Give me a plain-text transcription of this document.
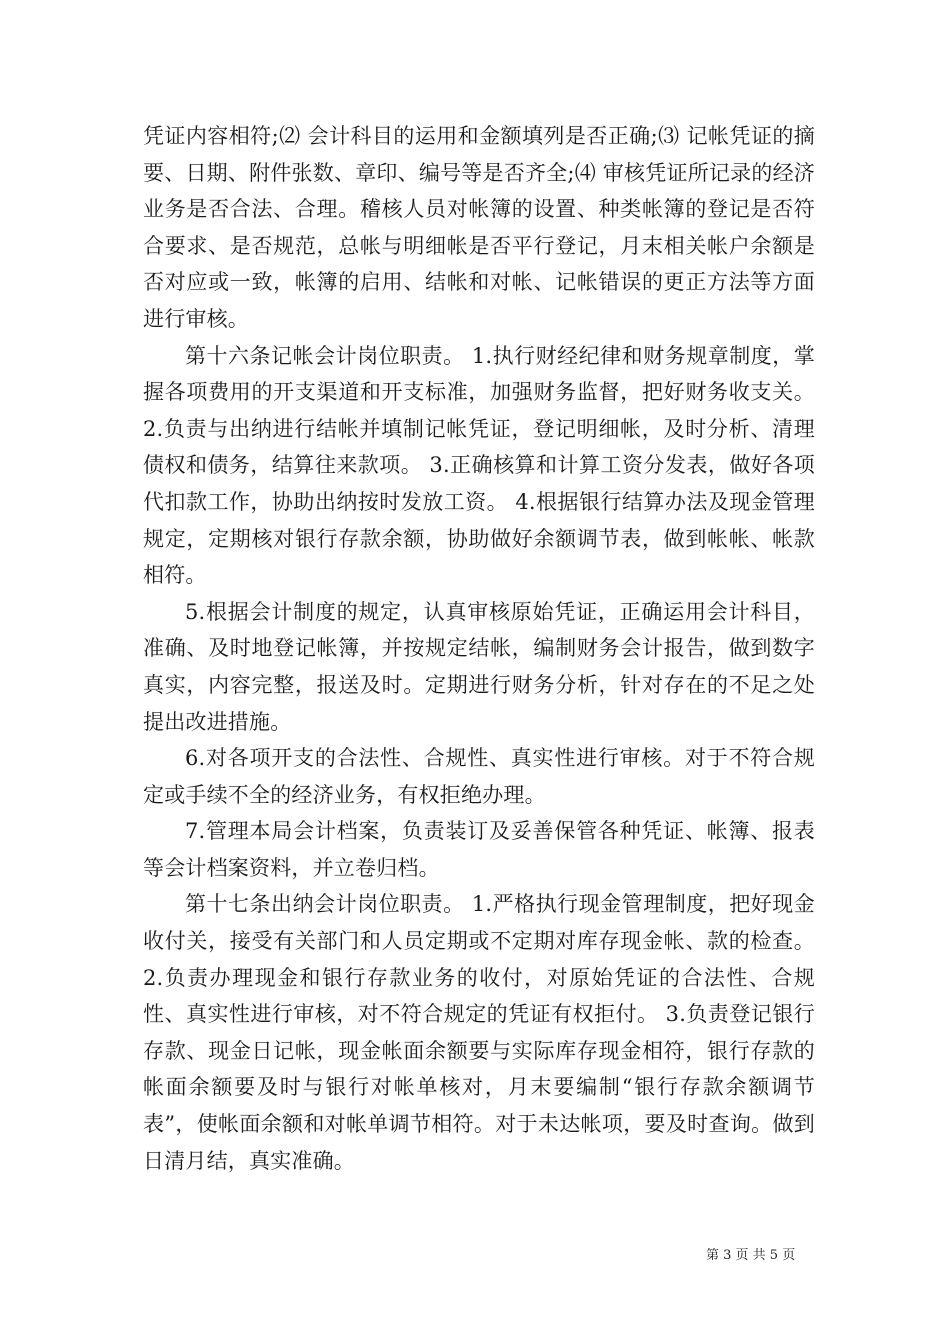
凭证内容相符;⑵ 会计科目的运用和金额填列是否正确;⑶ 记帐凭证的摘要、日期、附件张数、章印、编号等是否齐全;⑷ 审核凭证所记录的经济业务是否合法、合理。稽核人员对帐簿的设置、种类帐簿的登记是否符合要求、是否规范，总帐与明细帐是否平行登记，月末相关帐户余额是否对应或一致，帐簿的启用、结帐和对帐、记帐错误的更正方法等方面进行审核。

第十六条记帐会计岗位职责。 1.执行财经纪律和财务规章制度，掌握各项费用的开支渠道和开支标准，加强财务监督，把好财务收支关。 2.负责与出纳进行结帐并填制记帐凭证，登记明细帐，及时分析、清理债权和债务，结算往来款项。 3.正确核算和计算工资分发表，做好各项代扣款工作，协助出纳按时发放工资。 4.根据银行结算办法及现金管理规定，定期核对银行存款余额，协助做好余额调节表，做到帐帐、帐款相符。

5.根据会计制度的规定，认真审核原始凭证，正确运用会计科目，准确、及时地登记帐簿，并按规定结帐，编制财务会计报告，做到数字真实，内容完整，报送及时。定期进行财务分析，针对存在的不足之处提出改进措施。

6.对各项开支的合法性、合规性、真实性进行审核。对于不符合规定或手续不全的经济业务，有权拒绝办理。

7.管理本局会计档案，负责装订及妥善保管各种凭证、帐簿、报表等会计档案资料，并立卷归档。

第十七条出纳会计岗位职责。 1.严格执行现金管理制度，把好现金收付关，接受有关部门和人员定期或不定期对库存现金帐、款的检查。 2.负责办理现金和银行存款业务的收付，对原始凭证的合法性、合规性、真实性进行审核，对不符合规定的凭证有权拒付。 3.负责登记银行存款、现金日记帐，现金帐面余额要与实际库存现金相符，银行存款的帐面余额要及时与银行对帐单核对，月末要编制“银行存款余额调节表”，使帐面余额和对帐单调节相符。对于未达帐项，要及时查询。做到日清月结，真实准确。

第 3 页 共 5 页
